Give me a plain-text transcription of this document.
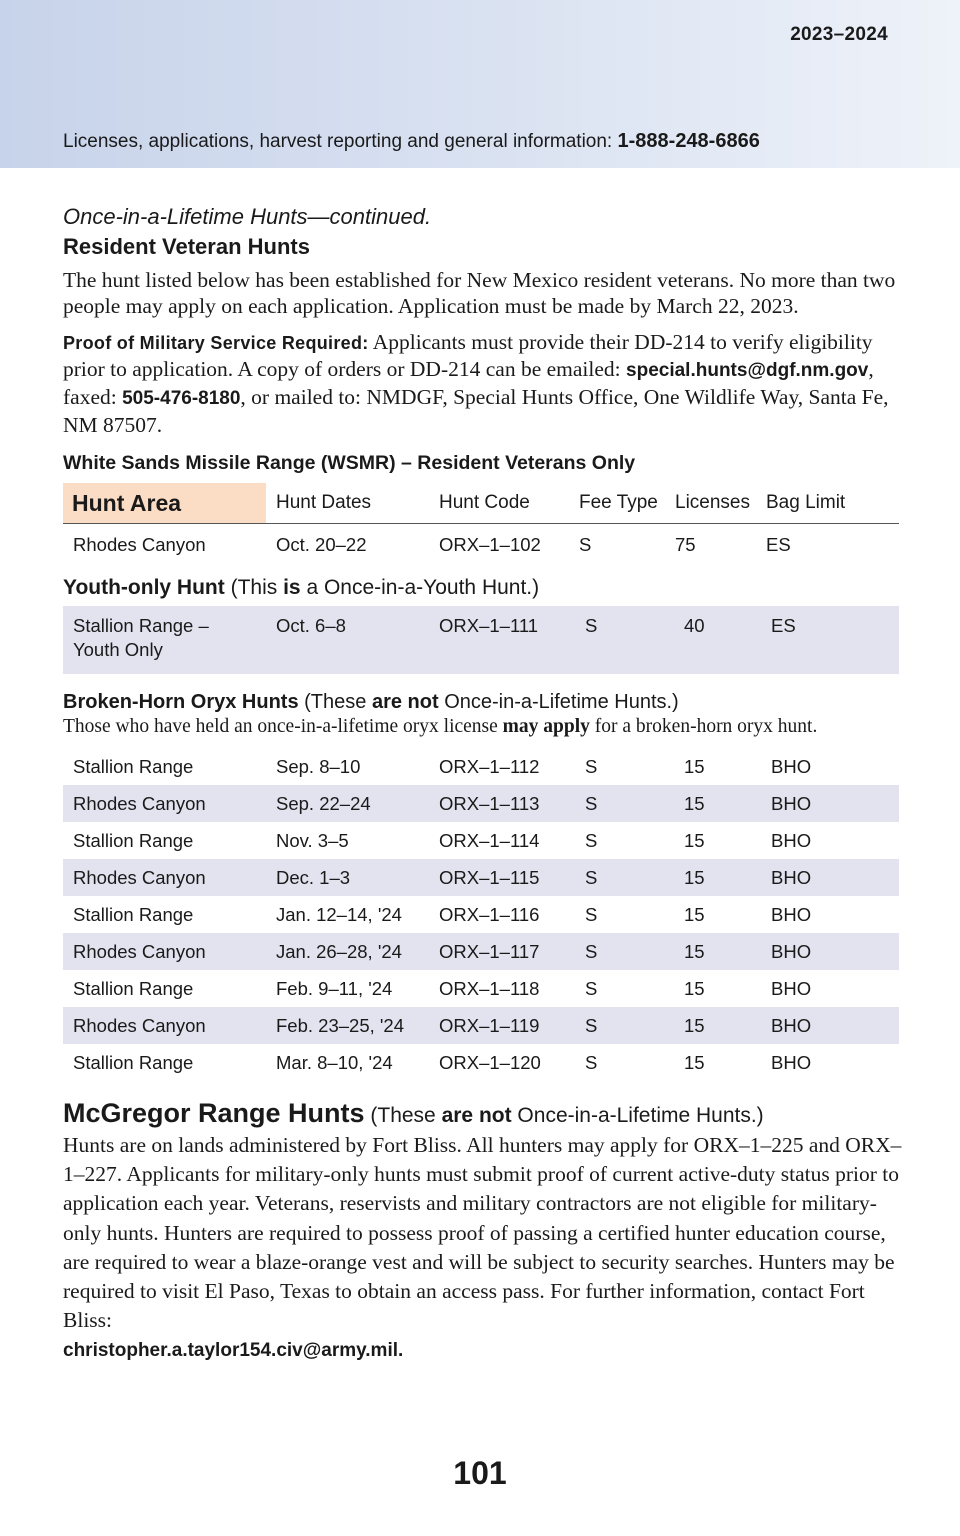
2023–2024
Licenses, applications, harvest reporting and general information: 1-888-248-6866

Once-in-a-Lifetime Hunts—continued.

Resident Veteran Hunts

The hunt listed below has been established for New Mexico resident veterans. No more than two people may apply on each application. Application must be made by March 22, 2023.

Proof of Military Service Required: Applicants must provide their DD-214 to verify eligibility prior to application. A copy of orders or DD-214 can be emailed: special.hunts@dgf.nm.gov, faxed: 505-476-8180, or mailed to: NMDGF, Special Hunts Office, One Wildlife Way, Santa Fe, NM 87507.

White Sands Missile Range (WSMR) – Resident Veterans Only
Hunt Area	Hunt Dates	Hunt Code	Fee Type	Licenses	Bag Limit
Rhodes Canyon	Oct. 20–22	ORX–1–102	S	75	ES
Youth-only Hunt (This is a Once-in-a-Youth Hunt.)
Stallion Range –
Youth Only	Oct. 6–8	ORX–1–111	S	40	ES
Broken-Horn Oryx Hunts (These are not Once-in-a-Lifetime Hunts.)
Those who have held an once-in-a-lifetime oryx license may apply for a broken-horn oryx hunt.
Stallion Range	Sep. 8–10	ORX–1–112	S	15	BHO
Rhodes Canyon	Sep. 22–24	ORX–1–113	S	15	BHO
Stallion Range	Nov. 3–5	ORX–1–114	S	15	BHO
Rhodes Canyon	Dec. 1–3	ORX–1–115	S	15	BHO
Stallion Range	Jan. 12–14, '24	ORX–1–116	S	15	BHO
Rhodes Canyon	Jan. 26–28, '24	ORX–1–117	S	15	BHO
Stallion Range	Feb. 9–11, '24	ORX–1–118	S	15	BHO
Rhodes Canyon	Feb. 23–25, '24	ORX–1–119	S	15	BHO
Stallion Range	Mar. 8–10, '24	ORX–1–120	S	15	BHO
McGregor Range Hunts (These are not Once-in-a-Lifetime Hunts.)

Hunts are on lands administered by Fort Bliss. All hunters may apply for ORX–1–225 and ORX–1–227. Applicants for military-only hunts must submit proof of current active-duty status prior to application each year. Veterans, reservists and military contractors are not eligible for military-only hunts. Hunters are required to possess proof of passing a certified hunter education course, are required to wear a blaze-orange vest and will be subject to security searches. Hunters may be required to visit El Paso, Texas to obtain an access pass. For further information, contact Fort Bliss:
christopher.a.taylor154.civ@army.mil.

101
